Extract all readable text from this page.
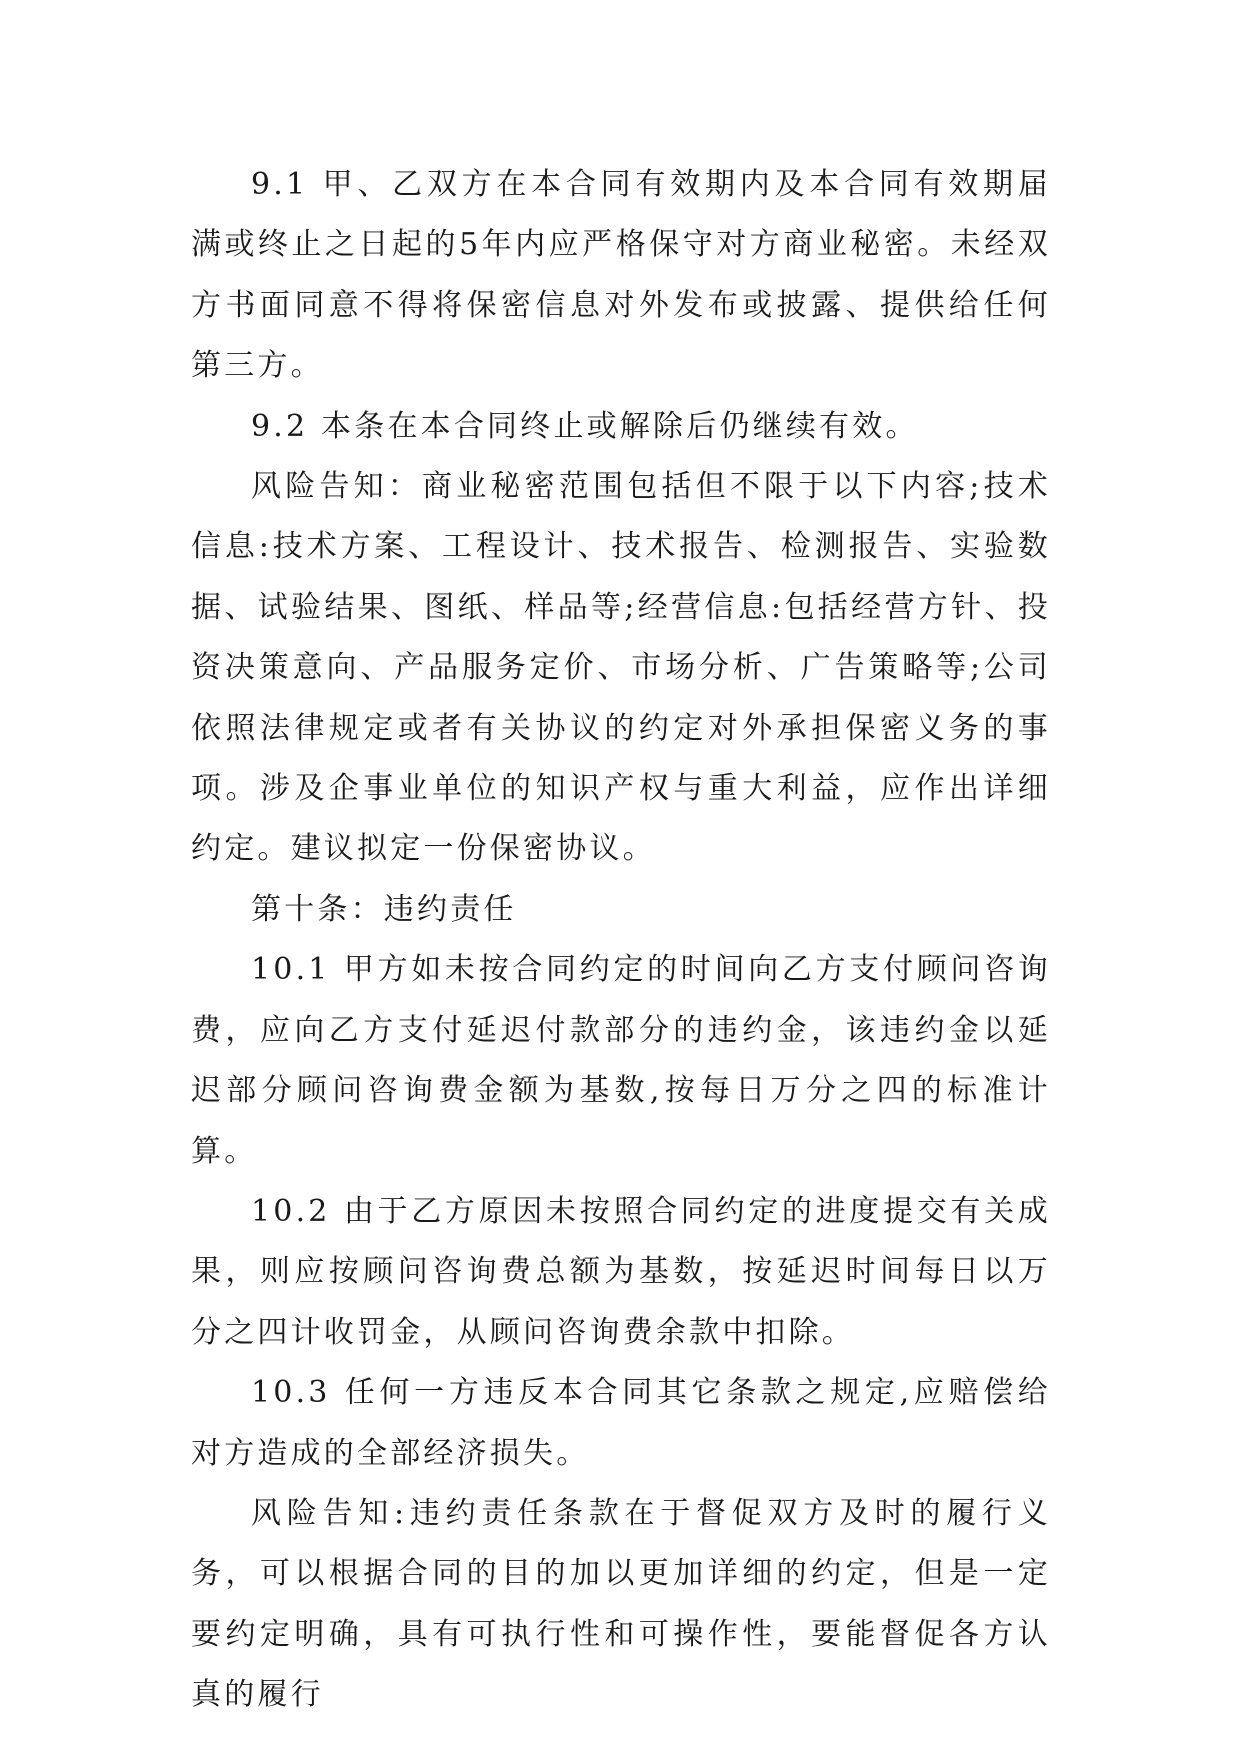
9.1 甲、乙双方在本合同有效期内及本合同有效期届满或终止之日起的5年内应严格保守对方商业秘密。未经双方书面同意不得将保密信息对外发布或披露、提供给任何第三方。

9.2 本条在本合同终止或解除后仍继续有效。

风险告知：商业秘密范围包括但不限于以下内容;技术信息:技术方案、工程设计、技术报告、检测报告、实验数据、试验结果、图纸、样品等;经营信息:包括经营方针、投资决策意向、产品服务定价、市场分析、广告策略等;公司依照法律规定或者有关协议的约定对外承担保密义务的事项。涉及企事业单位的知识产权与重大利益，应作出详细约定。建议拟定一份保密协议。

第十条：违约责任

10.1 甲方如未按合同约定的时间向乙方支付顾问咨询费，应向乙方支付延迟付款部分的违约金，该违约金以延迟部分顾问咨询费金额为基数,按每日万分之四的标准计算。

10.2 由于乙方原因未按照合同约定的进度提交有关成果，则应按顾问咨询费总额为基数，按延迟时间每日以万分之四计收罚金，从顾问咨询费余款中扣除。

10.3 任何一方违反本合同其它条款之规定,应赔偿给对方造成的全部经济损失。

风险告知:违约责任条款在于督促双方及时的履行义务，可以根据合同的目的加以更加详细的约定，但是一定要约定明确，具有可执行性和可操作性，要能督促各方认真的履行
